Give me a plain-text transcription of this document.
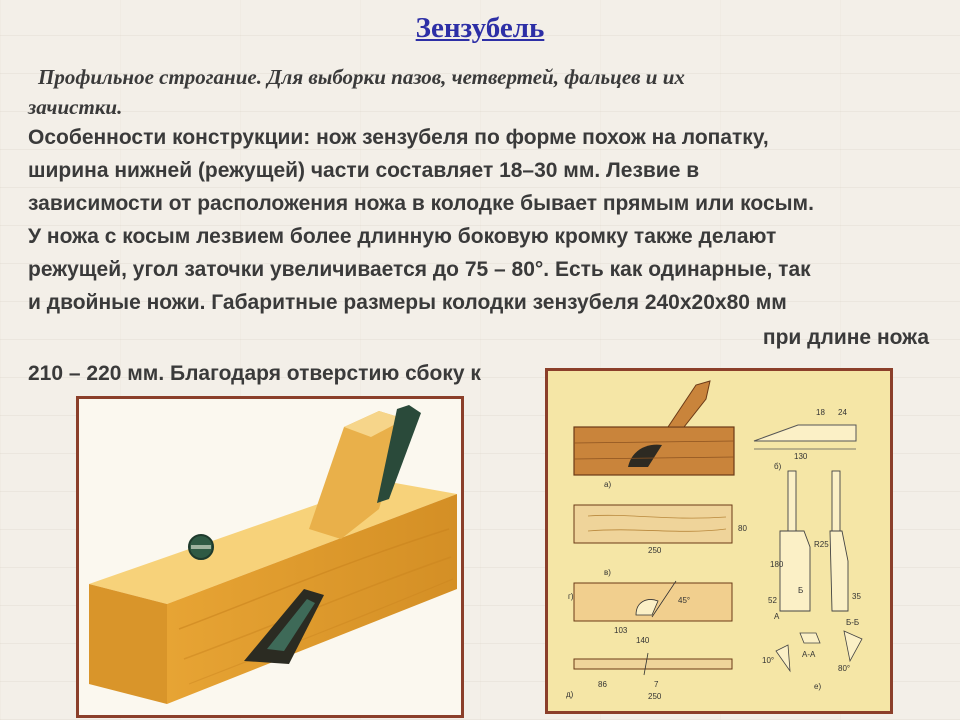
Зензубель
Профильное строгание. Для выборки пазов, четвертей, фальцев и их
зачистки.
Особенности конструкции: нож зензубеля по форме похож на лопатку,
ширина нижней (режущей) части составляет 18–30 мм. Лезвие в
зависимости от расположения ножа в колодке бывает прямым или косым.
У ножа с косым лезвием более длинную боковую кромку также делают
режущей, угол заточки увеличивается до 75 – 80°. Есть как одинарные, так
и двойные ножи. Габаритные размеры колодки зензубеля 240x20x80 мм
при длине ножа
210 – 220 мм. Благодаря отверстию сбоку к
а)
130
18 24
б)
250
80
в)
45°
103
140
г)
86	7
250
д)
R25
180
52	35
Б
А
А-А
Б-Б
80°
10°
е)
